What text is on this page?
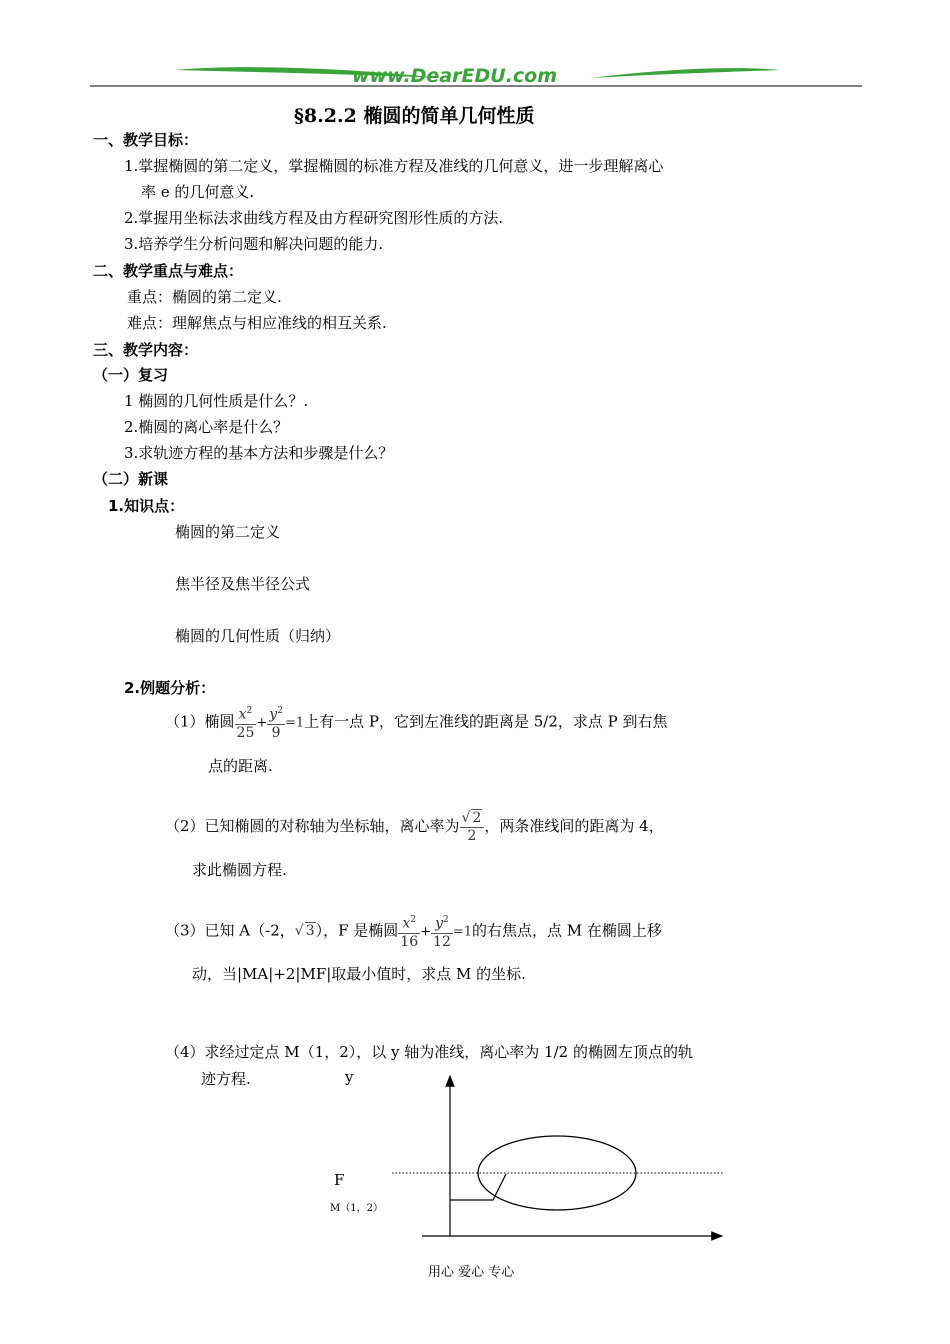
www.DearEDU.com
§8.2.2 椭圆的简单几何性质
一、教学目标：
1.掌握椭圆的第二定义，掌握椭圆的标准方程及准线的几何意义，进一步理解离心
率 e 的几何意义.
2.掌握用坐标法求曲线方程及由方程研究图形性质的方法.
3.培养学生分析问题和解决问题的能力.
二、教学重点与难点：
重点：椭圆的第二定义.
难点：理解焦点与相应准线的相互关系.
三、教学内容：
（一）复习
1 椭圆的几何性质是什么？.
2.椭圆的离心率是什么？
3.求轨迹方程的基本方法和步骤是什么？
（二）新课
1.知识点：
椭圆的第二定义
焦半径及焦半径公式
椭圆的几何性质（归纳）
2.例题分析：
（1）椭圆 $\frac{x^2}{25} + \frac{y^2}{9} =1$上有一点 P，它到左准线的距离是 5/2，求点 P 到右焦
点的距离.
（2）已知椭圆的对称轴为坐标轴，离心率为 $\frac{√ 2}{2}$ ，两条准线间的距离为 4，
求此椭圆方程.
（3）已知 A（-2，√ 3），F 是椭圆 $\frac{x^2}{16} + \frac{y^2}{12} =1$的右焦点，点 M 在椭圆上移
动，当|MA|+2|MF|取最小值时，求点 M 的坐标.
（4）求经过定点 M（1，2），以 y 轴为准线，离心率为 1/2 的椭圆左顶点的轨
迹方程.	y
F
M（1，2）
用心 爱心 专心
